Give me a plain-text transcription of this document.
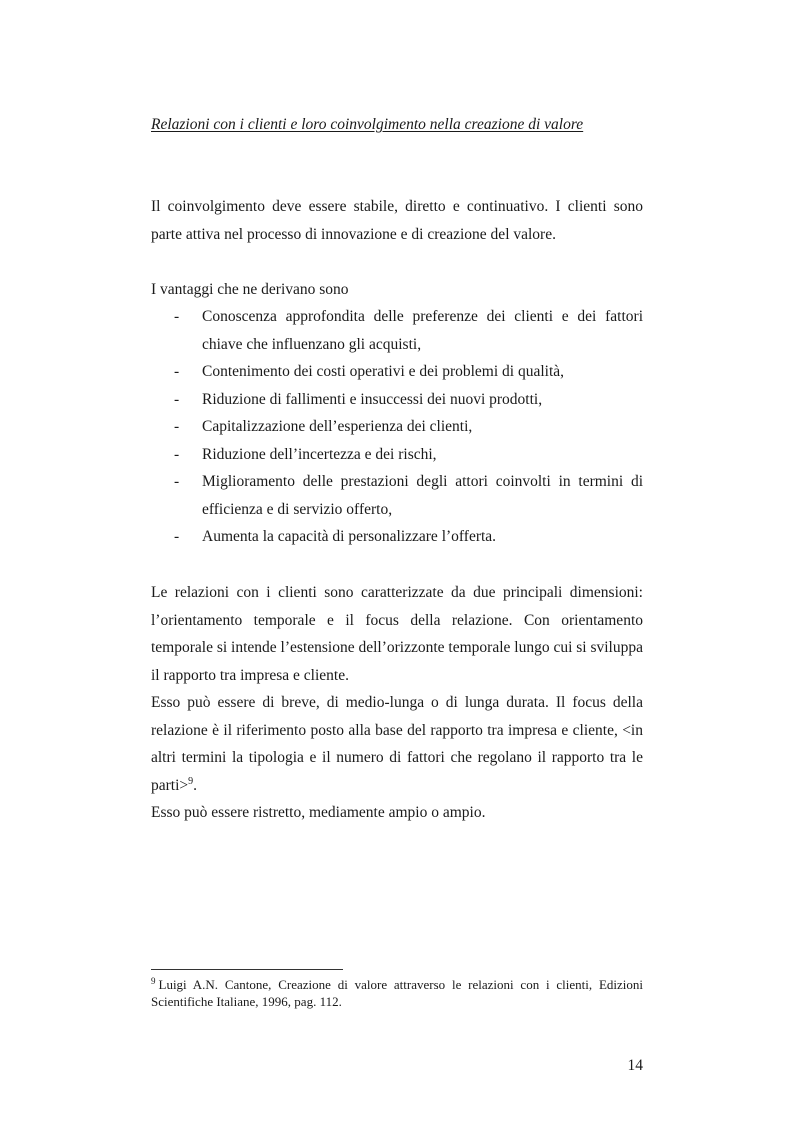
Relazioni con i clienti e loro coinvolgimento nella creazione di valore

Il coinvolgimento deve essere stabile, diretto e continuativo. I clienti sono parte attiva nel processo di innovazione e di creazione del valore.

I vantaggi che ne derivano sono

- Conoscenza approfondita delle preferenze dei clienti e dei fattori chiave che influenzano gli acquisti,
- Contenimento dei costi operativi e dei problemi di qualità,
- Riduzione di fallimenti e insuccessi dei nuovi prodotti,
- Capitalizzazione dell’esperienza dei clienti,
- Riduzione dell’incertezza e dei rischi,
- Miglioramento delle prestazioni degli attori coinvolti in termini di efficienza e di servizio offerto,
- Aumenta la capacità di personalizzare l’offerta.
Le relazioni con i clienti sono caratterizzate da due principali dimensioni: l’orientamento temporale e il focus della relazione. Con orientamento temporale si intende l’estensione dell’orizzonte temporale lungo cui si sviluppa il rapporto tra impresa e cliente.
Esso può essere di breve, di medio-lunga o di lunga durata. Il focus della relazione è il riferimento posto alla base del rapporto tra impresa e cliente, <in altri termini la tipologia e il numero di fattori che regolano il rapporto tra le parti>$^9$.
Esso può essere ristretto, mediamente ampio o ampio.

$^9$ Luigi A.N. Cantone, Creazione di valore attraverso le relazioni con i clienti, Edizioni Scientifiche Italiane, 1996, pag. 112.

14
